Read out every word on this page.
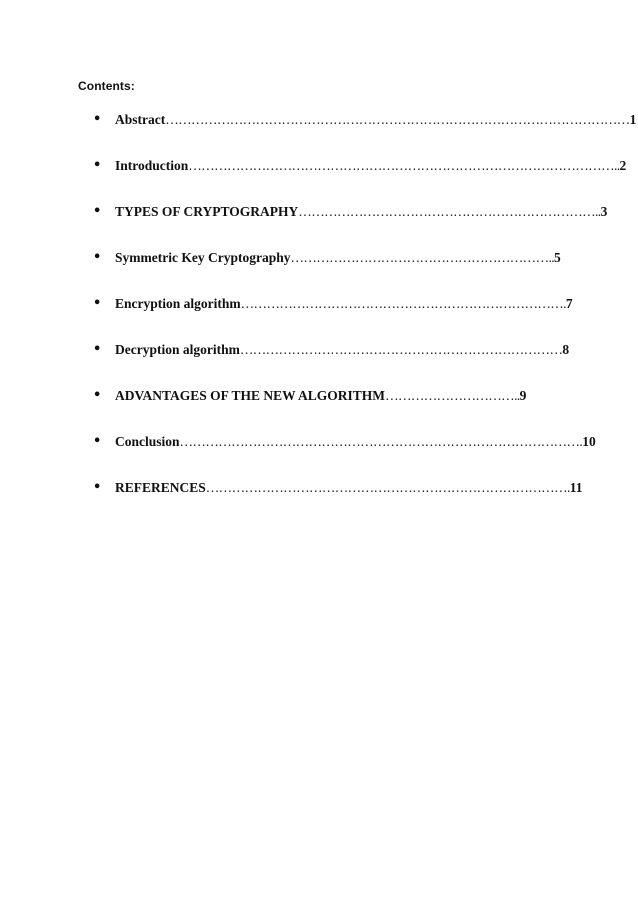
Contents:
• Abstract………………………………………………………………………………………………1
• Introduction………………………………………………………………………………………..2
• TYPES OF CRYPTOGRAPHY……………………………………………………………..3
• Symmetric Key Cryptography……………………………………………………..5
• Encryption algorithm………………………………………………………………….7
• Decryption algorithm…………………………………………………………………8
• ADVANTAGES OF THE NEW ALGORITHM…………………………..9
• Conclusion………………………………………………………………………………….10
• REFERENCES………………………………………………………………………….11
